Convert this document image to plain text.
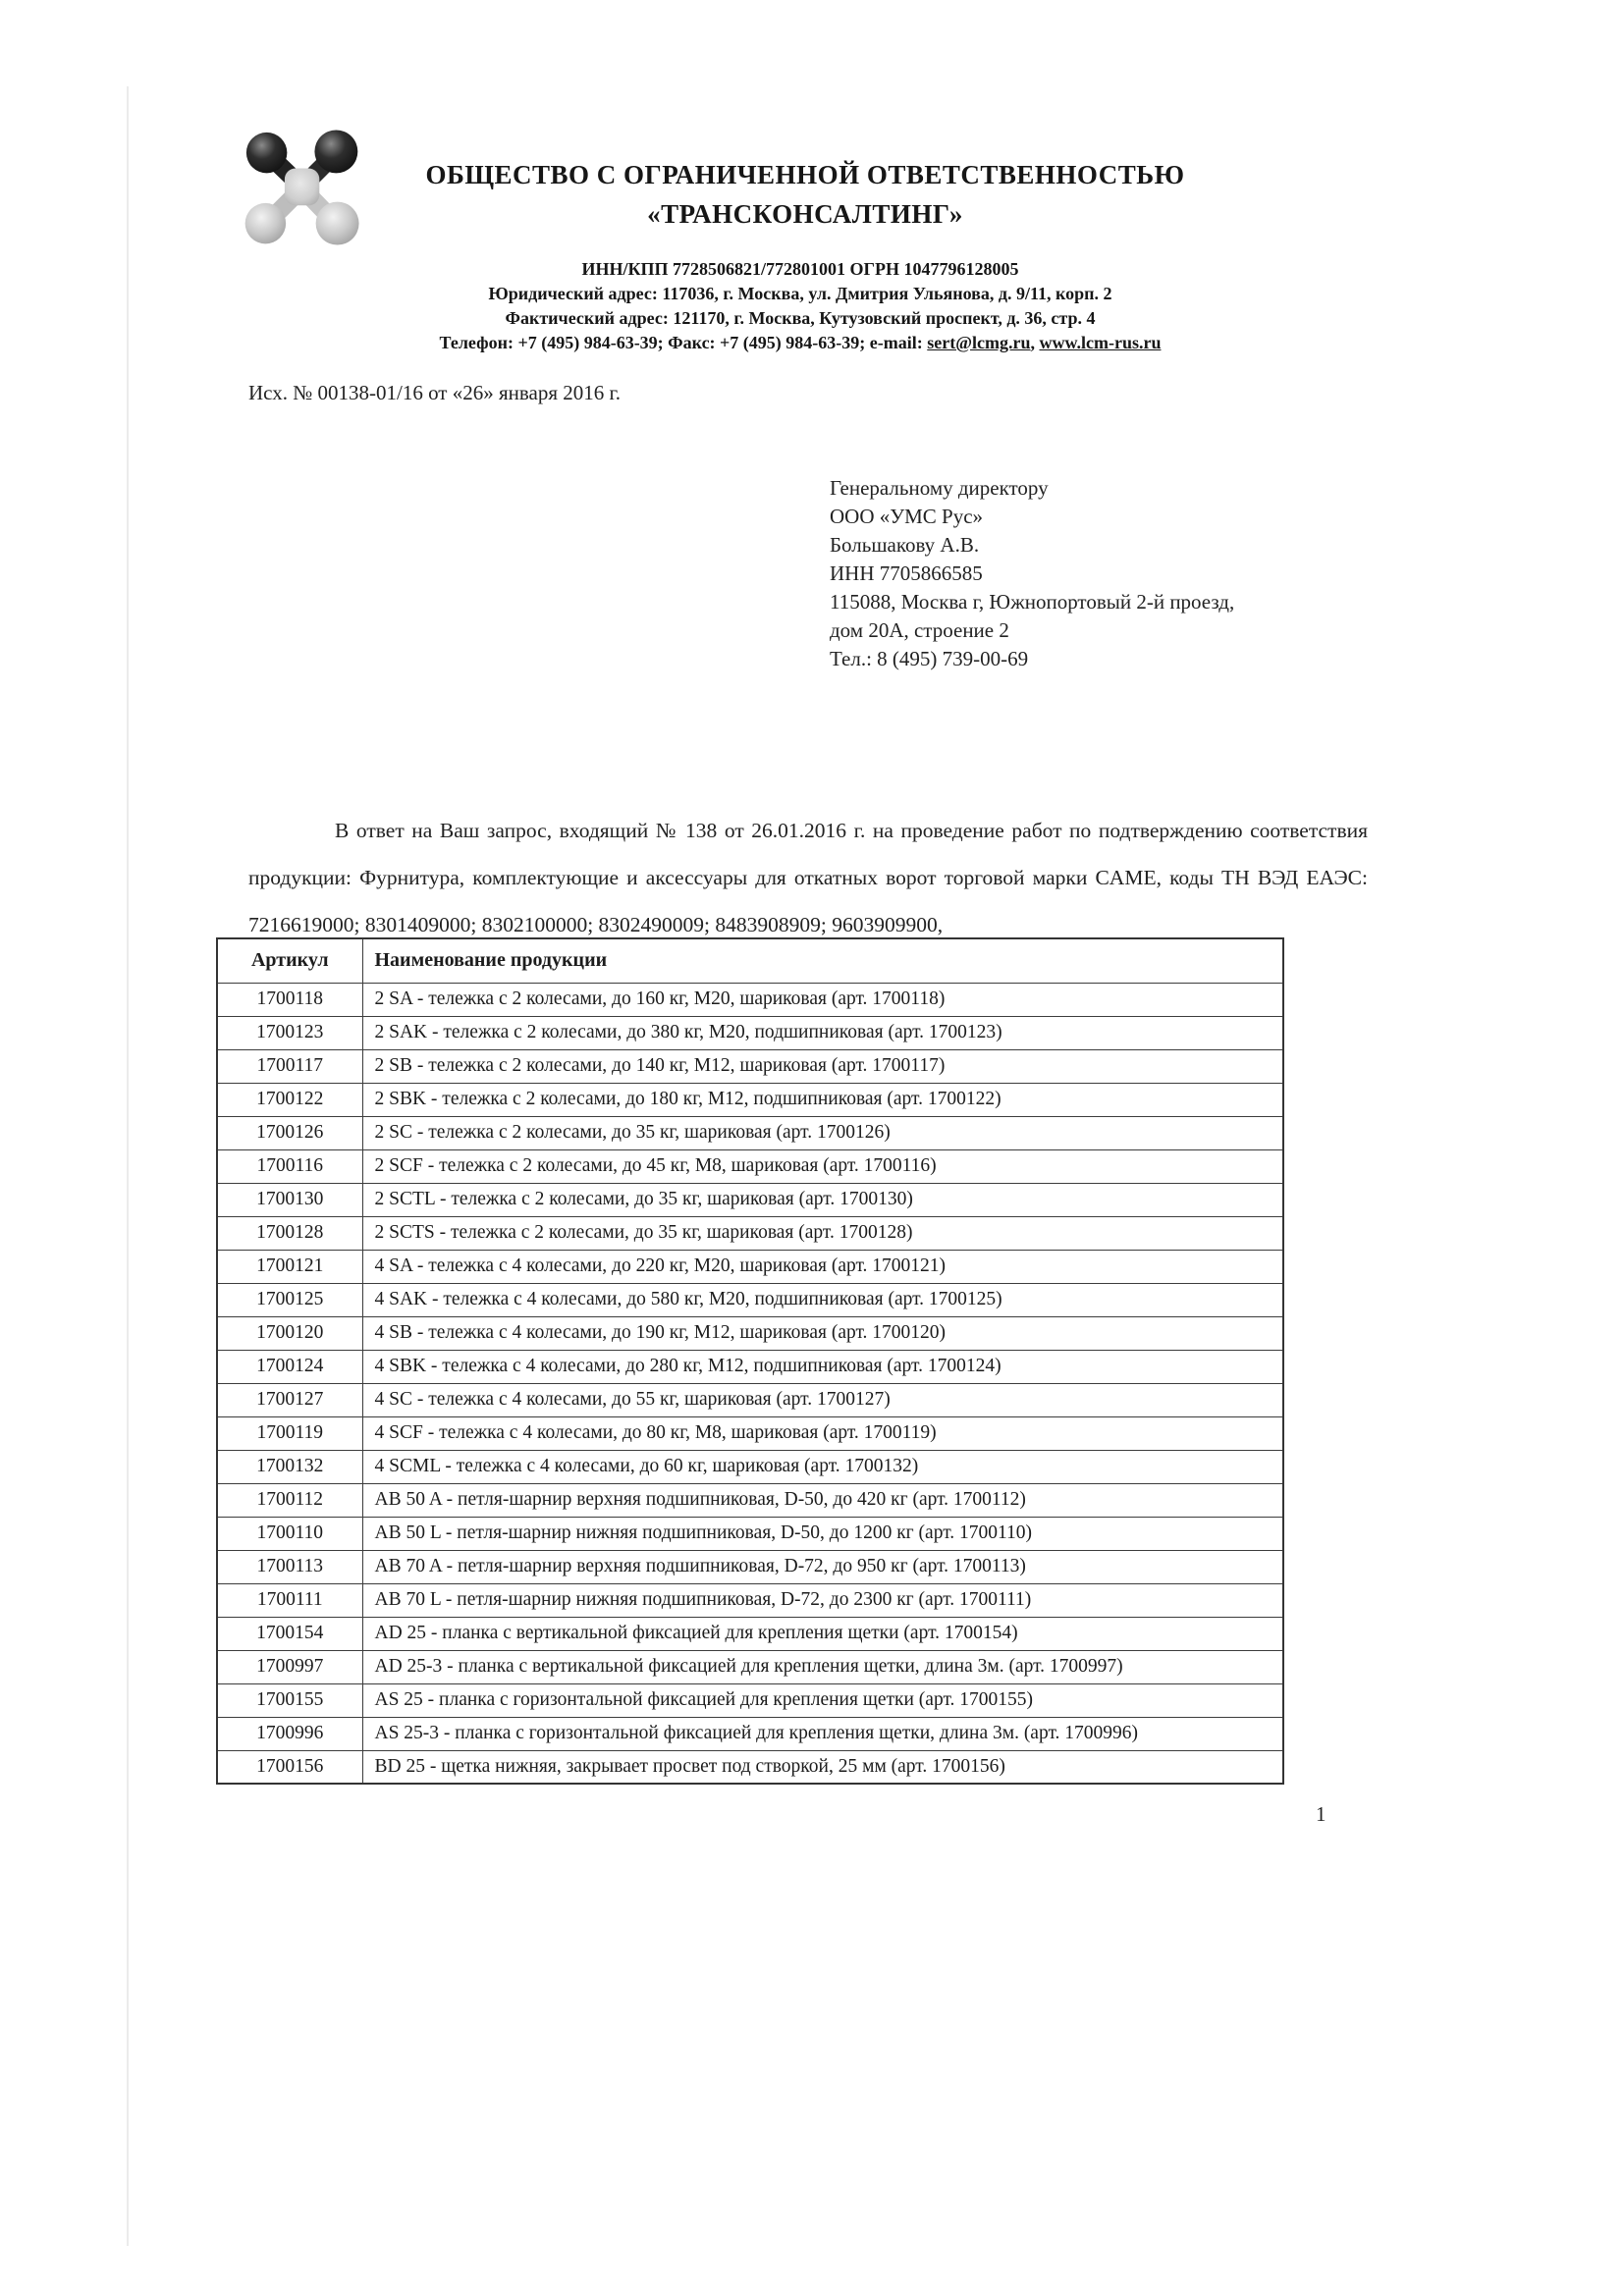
ОБЩЕСТВО С ОГРАНИЧЕННОЙ ОТВЕТСТВЕННОСТЬЮ
«ТРАНСКОНСАЛТИНГ»
ИНН/КПП 7728506821/772801001 ОГРН 1047796128005
Юридический адрес: 117036, г. Москва, ул. Дмитрия Ульянова, д. 9/11, корп. 2
Фактический адрес: 121170, г. Москва, Кутузовский проспект, д. 36, стр. 4
Телефон: +7 (495) 984-63-39; Факс: +7 (495) 984-63-39; e-mail: sert@lcmg.ru, www.lcm-rus.ru
Исх. № 00138-01/16 от «26» января 2016 г.
Генеральному директору
ООО «УМС Рус»
Большакову А.В.
ИНН 7705866585
115088, Москва г, Южнопортовый 2-й проезд,
дом 20А, строение 2
Тел.: 8 (495) 739-00-69
В ответ на Ваш запрос, входящий № 138 от 26.01.2016 г. на проведение работ по подтверждению соответствия продукции: Фурнитура, комплектующие и аксессуары для откатных ворот торговой марки CAME, коды ТН ВЭД ЕАЭС: 7216619000; 8301409000; 8302100000; 8302490009; 8483908909; 9603909900,
Артикул	Наименование продукции
1700118	2 SA - тележка с 2 колесами, до 160 кг, М20, шариковая (арт. 1700118)
1700123	2 SAK - тележка с 2 колесами, до 380 кг, М20, подшипниковая (арт. 1700123)
1700117	2 SB - тележка с 2 колесами, до 140 кг, М12, шариковая (арт. 1700117)
1700122	2 SBK - тележка с 2 колесами, до 180 кг, М12, подшипниковая (арт. 1700122)
1700126	2 SC - тележка с 2 колесами, до 35 кг, шариковая (арт. 1700126)
1700116	2 SCF - тележка с 2 колесами, до 45 кг, М8, шариковая (арт. 1700116)
1700130	2 SCTL - тележка с 2 колесами, до 35 кг, шариковая (арт. 1700130)
1700128	2 SCTS - тележка с 2 колесами, до 35 кг, шариковая (арт. 1700128)
1700121	4 SA - тележка с 4 колесами, до 220 кг, М20, шариковая (арт. 1700121)
1700125	4 SAK - тележка с 4 колесами, до 580 кг, М20, подшипниковая (арт. 1700125)
1700120	4 SB - тележка с 4 колесами, до 190 кг, М12, шариковая (арт. 1700120)
1700124	4 SBK - тележка с 4 колесами, до 280 кг, М12, подшипниковая (арт. 1700124)
1700127	4 SC - тележка с 4 колесами, до 55 кг, шариковая (арт. 1700127)
1700119	4 SCF - тележка с 4 колесами, до 80 кг, М8, шариковая (арт. 1700119)
1700132	4 SCML - тележка с 4 колесами, до 60 кг, шариковая (арт. 1700132)
1700112	AB 50 A - петля-шарнир верхняя подшипниковая, D-50, до 420 кг (арт. 1700112)
1700110	AB 50 L - петля-шарнир нижняя подшипниковая, D-50, до 1200 кг (арт. 1700110)
1700113	AB 70 A - петля-шарнир верхняя подшипниковая, D-72, до 950 кг (арт. 1700113)
1700111	AB 70 L - петля-шарнир нижняя подшипниковая, D-72, до 2300 кг (арт. 1700111)
1700154	AD 25 - планка с вертикальной фиксацией для крепления щетки (арт. 1700154)
1700997	AD 25-3 - планка с вертикальной фиксацией для крепления щетки, длина 3м. (арт. 1700997)
1700155	AS 25 - планка с горизонтальной фиксацией для крепления щетки (арт. 1700155)
1700996	AS 25-3 - планка с горизонтальной фиксацией для крепления щетки, длина 3м. (арт. 1700996)
1700156	BD 25 - щетка нижняя, закрывает просвет под створкой, 25 мм (арт. 1700156)
1
